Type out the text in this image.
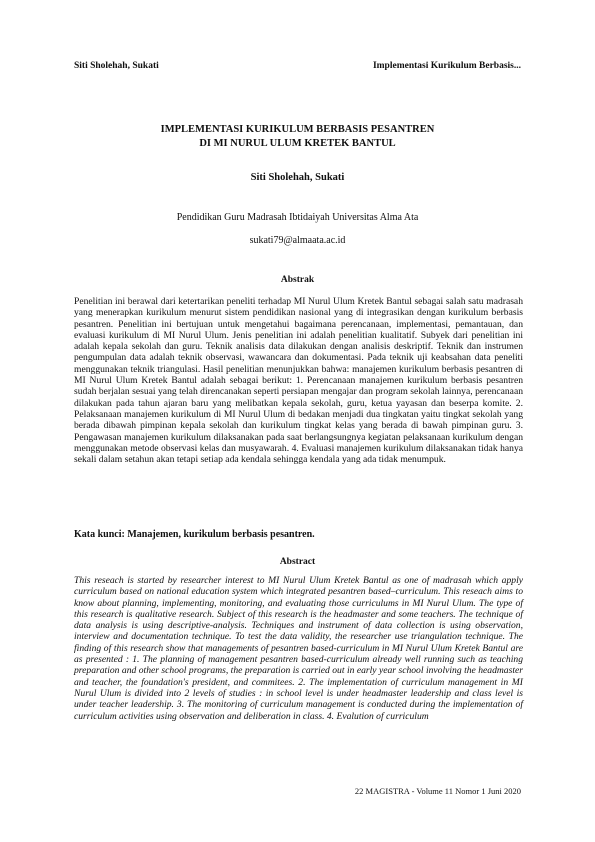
Siti Sholehah, Sukati	Implementasi Kurikulum Berbasis...
IMPLEMENTASI KURIKULUM BERBASIS PESANTREN
DI MI NURUL ULUM KRETEK BANTUL
Siti Sholehah, Sukati
Pendidikan Guru Madrasah Ibtidaiyah Universitas Alma Ata
sukati79@almaata.ac.id
Abstrak
Penelitian ini berawal dari ketertarikan peneliti terhadap MI Nurul Ulum Kretek Bantul sebagai salah satu madrasah yang menerapkan kurikulum menurut sistem pendidikan nasional yang di integrasikan dengan kurikulum berbasis pesantren. Penelitian ini bertujuan untuk mengetahui bagaimana perencanaan, implementasi, pemantauan, dan evaluasi kurikulum di MI Nurul Ulum. Jenis penelitian ini adalah penelitian kualitatif. Subyek dari penelitian ini adalah kepala sekolah dan guru. Teknik analisis data dilakukan dengan analisis deskriptif. Teknik dan instrumen pengumpulan data adalah teknik observasi, wawancara dan dokumentasi. Pada teknik uji keabsahan data peneliti menggunakan teknik triangulasi. Hasil penelitian menunjukkan bahwa: manajemen kurikulum berbasis pesantren di MI Nurul Ulum Kretek Bantul adalah sebagai berikut: 1. Perencanaan manajemen kurikulum berbasis pesantren sudah berjalan sesuai yang telah direncanakan seperti persiapan mengajar dan program sekolah lainnya, perencanaan dilakukan pada tahun ajaran baru yang melibatkan kepala sekolah, guru, ketua yayasan dan beserpa komite. 2. Pelaksanaan manajemen kurikulum di MI Nurul Ulum di bedakan menjadi dua tingkatan yaitu tingkat sekolah yang berada dibawah pimpinan kepala sekolah dan kurikulum tingkat kelas yang berada di bawah pimpinan guru. 3. Pengawasan manajemen kurikulum dilaksanakan pada saat berlangsungnya kegiatan pelaksanaan kurikulum dengan menggunakan metode observasi kelas dan musyawarah. 4. Evaluasi manajemen kurikulum dilaksanakan tidak hanya sekali dalam setahun akan tetapi setiap ada kendala sehingga kendala yang ada tidak menumpuk.
Kata kunci: Manajemen, kurikulum berbasis pesantren.
Abstract
This reseach is started by researcher interest to MI Nurul Ulum Kretek Bantul as one of madrasah which apply curriculum based on national education system which integrated pesantren based–curriculum. This reseach aims to know about planning, implementing, monitoring, and evaluating those curriculums in MI Nurul Ulum. The type of this research is qualitative research. Subject of this research is the headmaster and some teachers. The technique of data analysis is using descriptive-analysis. Techniques and instrument of data collection is using observation, interview and documentation technique. To test the data validity, the researcher use triangulation technique. The finding of this research show that managements of pesantren based-curriculum in MI Nurul Ulum Kretek Bantul are as presented : 1. The planning of management pesantren based-curriculum already well running such as teaching preparation and other school programs, the preparation is carried out in early year school involving the headmaster and teacher, the foundation's president, and commitees. 2. The implementation of curriculum management in MI Nurul Ulum is divided into 2 levels of studies : in school level is under headmaster leadership and class level is under teacher leadership. 3. The monitoring of curriculum management is conducted during the implementation of curriculum activities using observation and deliberation in class. 4. Evalution of curriculum
22 MAGISTRA - Volume 11 Nomor 1 Juni 2020
